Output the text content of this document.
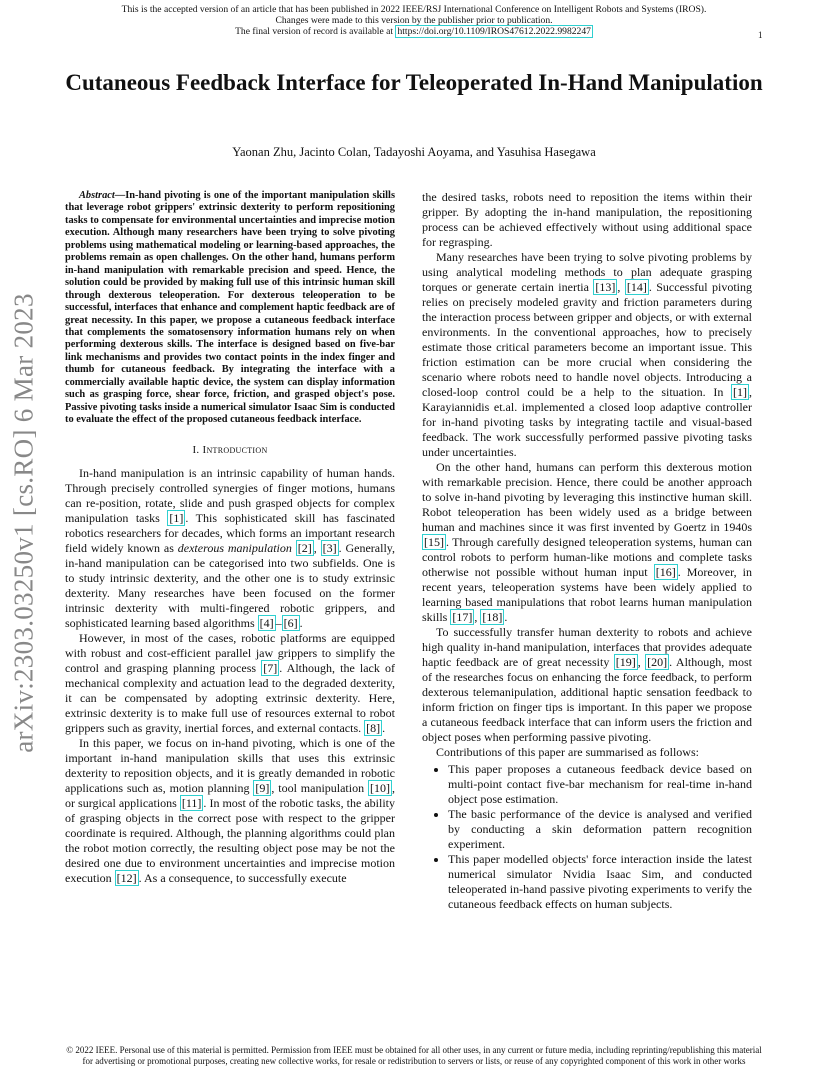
This is the accepted version of an article that has been published in 2022 IEEE/RSJ International Conference on Intelligent Robots and Systems (IROS).
Changes were made to this version by the publisher prior to publication.
The final version of record is available at https://doi.org/10.1109/IROS47612.2022.9982247	1
arXiv:2303.03250v1 [cs.RO] 6 Mar 2023
Cutaneous Feedback Interface for Teleoperated In-Hand Manipulation
Yaonan Zhu, Jacinto Colan, Tadayoshi Aoyama, and Yasuhisa Hasegawa

Abstract—In-hand pivoting is one of the important manipulation skills that leverage robot grippers' extrinsic dexterity to perform repositioning tasks to compensate for environmental uncertainties and imprecise motion execution. Although many researchers have been trying to solve pivoting problems using mathematical modeling or learning-based approaches, the problems remain as open challenges. On the other hand, humans perform in-hand manipulation with remarkable precision and speed. Hence, the solution could be provided by making full use of this intrinsic human skill through dexterous teleoperation. For dexterous teleoperation to be successful, interfaces that enhance and complement haptic feedback are of great necessity. In this paper, we propose a cutaneous feedback interface that complements the somatosensory information humans rely on when performing dexterous skills. The interface is designed based on five-bar link mechanisms and provides two contact points in the index finger and thumb for cutaneous feedback. By integrating the interface with a commercially available haptic device, the system can display information such as grasping force, shear force, friction, and grasped object's pose. Passive pivoting tasks inside a numerical simulator Isaac Sim is conducted to evaluate the effect of the proposed cutaneous feedback interface.

I. Introduction

In-hand manipulation is an intrinsic capability of human hands. Through precisely controlled synergies of finger motions, humans can re-position, rotate, slide and push grasped objects for complex manipulation tasks [1] . This sophisticated skill has fascinated robotics researchers for decades, which forms an important research field widely known as dexterous manipulation [2] , [3] . Generally, in-hand manipulation can be categorised into two subfields. One is to study intrinsic dexterity, and the other one is to study extrinsic dexterity. Many researches have been focused on the former intrinsic dexterity with multi-fingered robotic grippers, and sophisticated learning based algorithms [4] – [6] .

However, in most of the cases, robotic platforms are equipped with robust and cost-efficient parallel jaw grippers to simplify the control and grasping planning process [7] . Although, the lack of mechanical complexity and actuation lead to the degraded dexterity, it can be compensated by adopting extrinsic dexterity. Here, extrinsic dexterity is to make full use of resources external to robot grippers such as gravity, inertial forces, and external contacts. [8] .

In this paper, we focus on in-hand pivoting, which is one of the important in-hand manipulation skills that uses this extrinsic dexterity to reposition objects, and it is greatly demanded in robotic applications such as, motion planning [9] , tool manipulation [10] , or surgical applications [11] . In most of the robotic tasks, the ability of grasping objects in the correct pose with respect to the gripper coordinate is required. Although, the planning algorithms could plan the robot motion correctly, the resulting object pose may be not the desired one due to environment uncertainties and imprecise motion execution [12] . As a consequence, to successfully execute

the desired tasks, robots need to reposition the items within their gripper. By adopting the in-hand manipulation, the repositioning process can be achieved effectively without using additional space for regrasping.

Many researches have been trying to solve pivoting problems by using analytical modeling methods to plan adequate grasping torques or generate certain inertia [13] , [14] . Successful pivoting relies on precisely modeled gravity and friction parameters during the interaction process between gripper and objects, or with external environments. In the conventional approaches, how to precisely estimate those critical parameters become an important issue. This friction estimation can be more crucial when considering the scenario where robots need to handle novel objects. Introducing a closed-loop control could be a help to the situation. In [1] , Karayiannidis et.al. implemented a closed loop adaptive controller for in-hand pivoting tasks by integrating tactile and visual-based feedback. The work successfully performed passive pivoting tasks under uncertainties.

On the other hand, humans can perform this dexterous motion with remarkable precision. Hence, there could be another approach to solve in-hand pivoting by leveraging this instinctive human skill. Robot teleoperation has been widely used as a bridge between human and machines since it was first invented by Goertz in 1940s [15] . Through carefully designed teleoperation systems, human can control robots to perform human-like motions and complete tasks otherwise not possible without human input [16] . Moreover, in recent years, teleoperation systems have been widely applied to learning based manipulations that robot learns human manipulation skills [17] , [18] .

To successfully transfer human dexterity to robots and achieve high quality in-hand manipulation, interfaces that provides adequate haptic feedback are of great necessity [19] , [20] . Although, most of the researches focus on enhancing the force feedback, to perform dexterous telemanipulation, additional haptic sensation feedback to inform friction on finger tips is important. In this paper we propose a cutaneous feedback interface that can inform users the friction and object poses when performing passive pivoting.

Contributions of this paper are summarised as follows:

• This paper proposes a cutaneous feedback device based on multi-point contact five-bar mechanism for real-time in-hand object pose estimation.
• The basic performance of the device is analysed and verified by conducting a skin deformation pattern recognition experiment.
• This paper modelled objects' force interaction inside the latest numerical simulator Nvidia Isaac Sim, and conducted teleoperated in-hand passive pivoting experiments to verify the cutaneous feedback effects on human subjects.
© 2022 IEEE. Personal use of this material is permitted. Permission from IEEE must be obtained for all other uses, in any current or future media, including reprinting/republishing this material
for advertising or promotional purposes, creating new collective works, for resale or redistribution to servers or lists, or reuse of any copyrighted component of this work in other works
